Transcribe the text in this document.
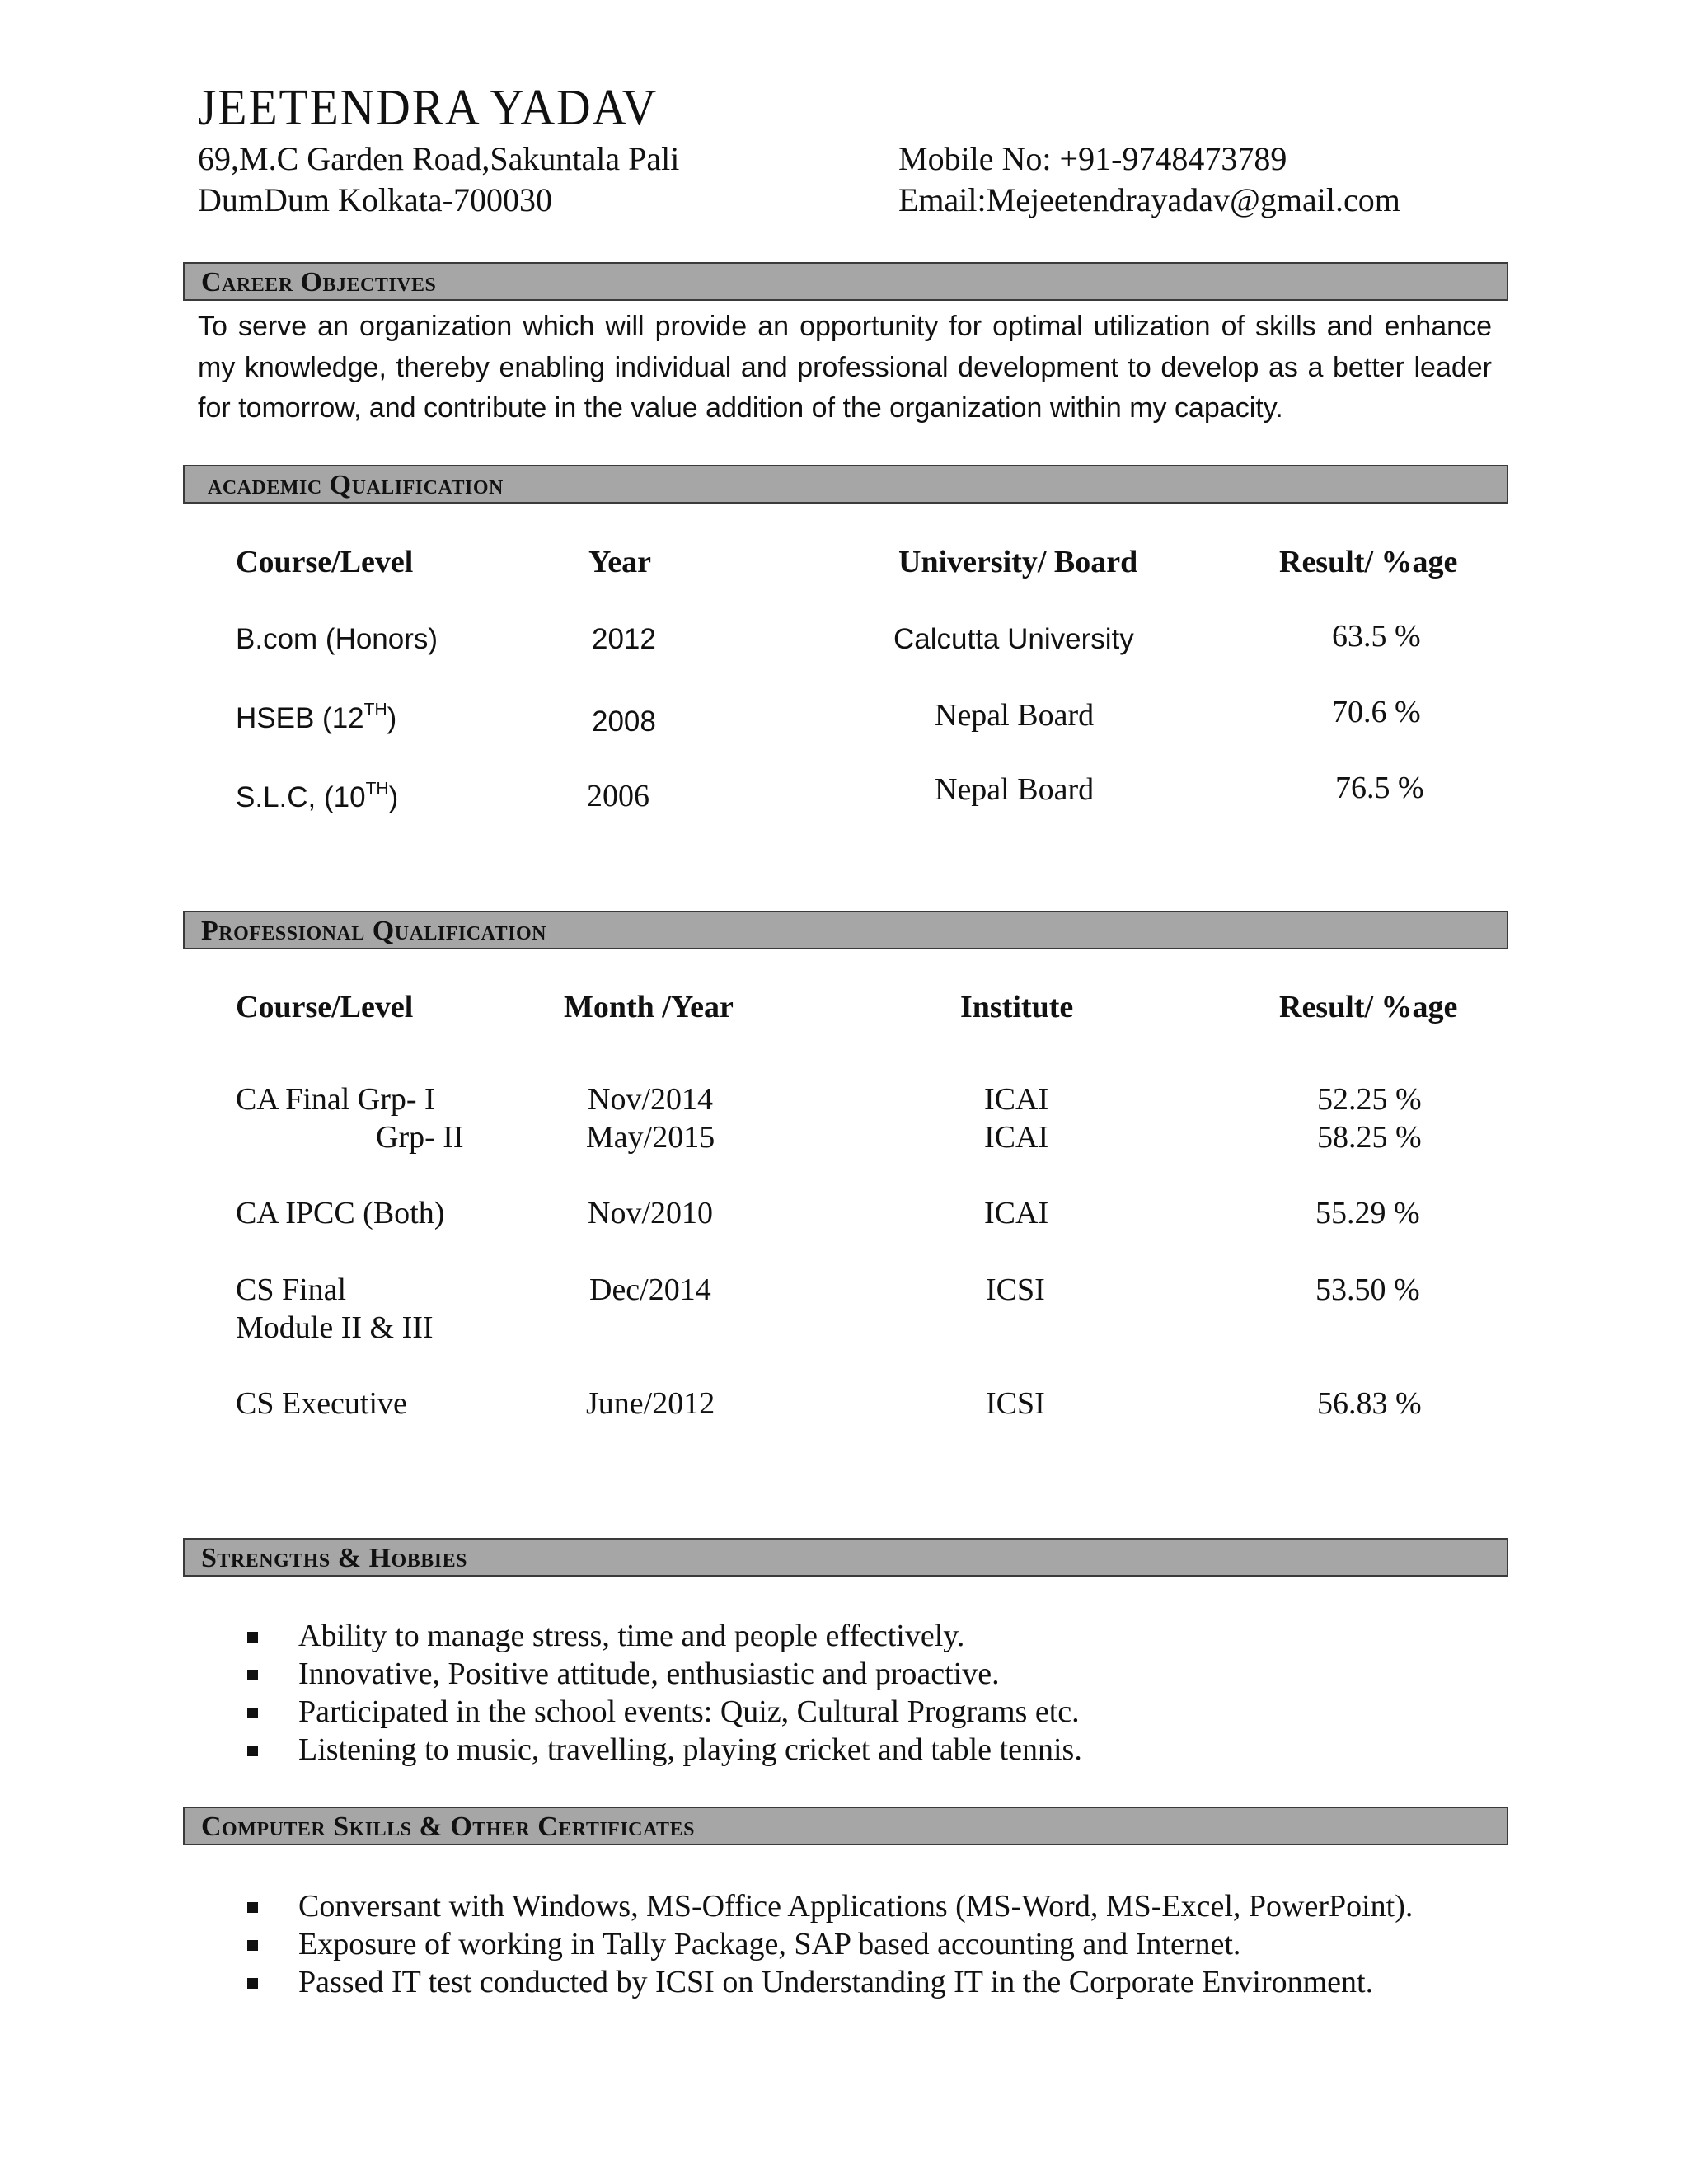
JEETENDRA YADAV
69,M.C Garden Road,Sakuntala Pali
DumDum Kolkata-700030
Mobile No: +91-9748473789
Email:Mejeetendrayadav@gmail.com
Career Objectives
To serve an organization which will provide an opportunity for optimal utilization of skills and enhance my knowledge, thereby enabling individual and professional development to develop as a better leader for tomorrow, and contribute in the value addition of the organization within my capacity.
academic Qualification
Course/Level	Year	University/ Board	Result/ %age
B.com (Honors)	2012	Calcutta University	63.5 %
HSEB (12TH)	2008	Nepal Board	70.6 %
S.L.C, (10TH)	2006	Nepal Board	76.5 %
Professional Qualification
Course/Level	Month /Year	Institute	Result/ %age
CA Final Grp- I	Nov/2014	ICAI	52.25 %
Grp- II	May/2015	ICAI	58.25 %
CA IPCC (Both)	Nov/2010	ICAI	55.29 %
CS Final	Dec/2014	ICSI	53.50 %
Module II & III
CS Executive	June/2012	ICSI	56.83 %
Strengths & Hobbies
Ability to manage stress, time and people effectively.
Innovative, Positive attitude, enthusiastic and proactive.
Participated in the school events: Quiz, Cultural Programs etc.
Listening to music, travelling, playing cricket and table tennis.
Computer Skills & Other Certificates
Conversant with Windows, MS-Office Applications (MS-Word, MS-Excel, PowerPoint).
Exposure of working in Tally Package, SAP based accounting and Internet.
Passed IT test conducted by ICSI on Understanding IT in the Corporate Environment.
